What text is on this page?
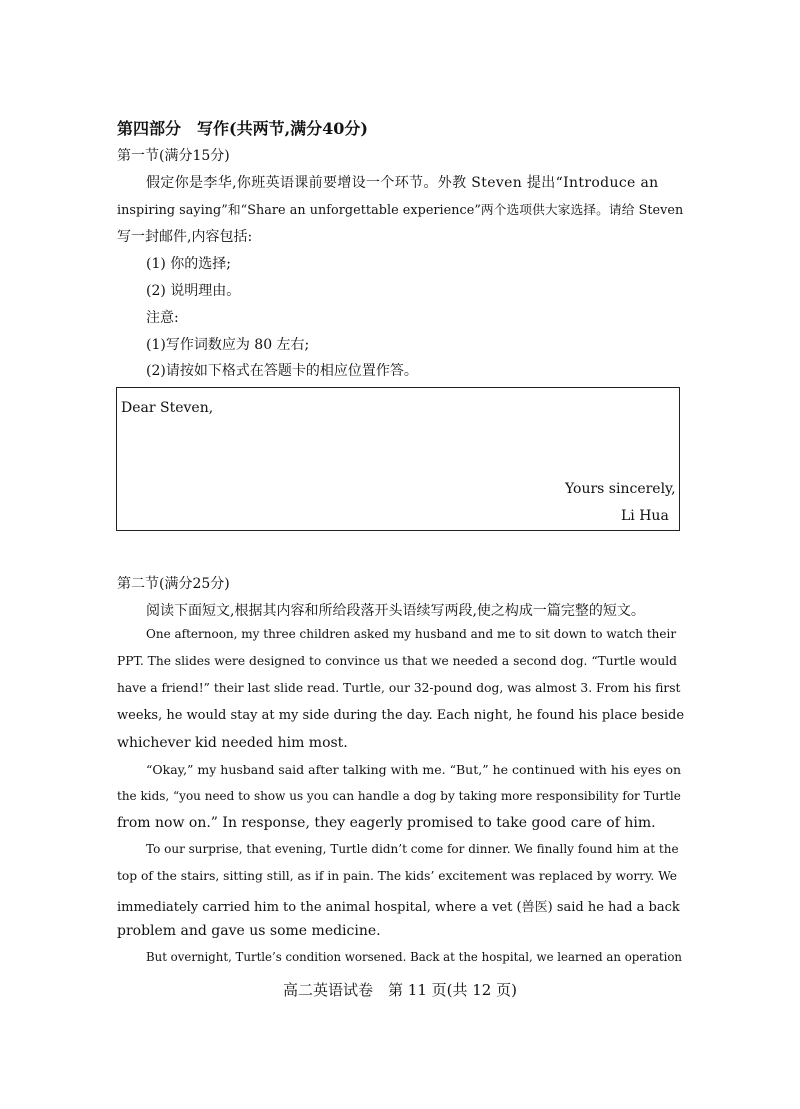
第四部分　写作(共两节,满分40分)
第一节(满分15分)
假定你是李华,你班英语课前要增设一个环节。外教 Steven 提出“Introduce an
inspiring saying”和“Share an unforgettable experience”两个选项供大家选择。请给 Steven
写一封邮件,内容包括:
(1) 你的选择;
(2) 说明理由。
注意:
(1)写作词数应为 80 左右;
(2)请按如下格式在答题卡的相应位置作答。
Dear Steven,
Yours sincerely,
Li Hua
第二节(满分25分)
阅读下面短文,根据其内容和所给段落开头语续写两段,使之构成一篇完整的短文。
One afternoon, my three children asked my husband and me to sit down to watch their
PPT. The slides were designed to convince us that we needed a second dog. “Turtle would
have a friend!” their last slide read. Turtle, our 32-pound dog, was almost 3. From his first
weeks, he would stay at my side during the day. Each night, he found his place beside
whichever kid needed him most.
“Okay,” my husband said after talking with me. “But,” he continued with his eyes on
the kids, “you need to show us you can handle a dog by taking more responsibility for Turtle
from now on.” In response, they eagerly promised to take good care of him.
To our surprise, that evening, Turtle didn’t come for dinner. We finally found him at the
top of the stairs, sitting still, as if in pain. The kids’ excitement was replaced by worry. We
immediately carried him to the animal hospital, where a vet (兽医) said he had a back
problem and gave us some medicine.
But overnight, Turtle’s condition worsened. Back at the hospital, we learned an operation
高二英语试卷　第 11 页(共 12 页)
